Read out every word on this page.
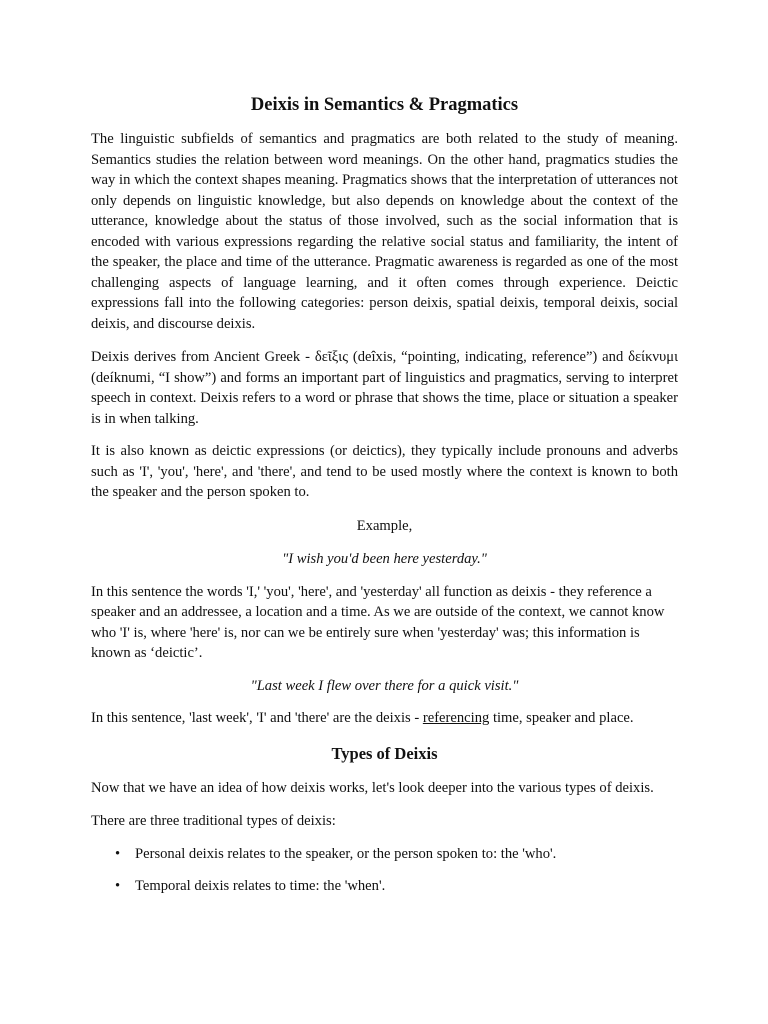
Deixis in Semantics & Pragmatics

The linguistic subfields of semantics and pragmatics are both related to the study of meaning. Semantics studies the relation between word meanings. On the other hand, pragmatics studies the way in which the context shapes meaning. Pragmatics shows that the interpretation of utterances not only depends on linguistic knowledge, but also depends on knowledge about the context of the utterance, knowledge about the status of those involved, such as the social information that is encoded with various expressions regarding the relative social status and familiarity, the intent of the speaker, the place and time of the utterance. Pragmatic awareness is regarded as one of the most challenging aspects of language learning, and it often comes through experience. Deictic expressions fall into the following categories: person deixis, spatial deixis, temporal deixis, social deixis, and discourse deixis.

Deixis derives from Ancient Greek - δεῖξις (deîxis, “pointing, indicating, reference”) and δείκνυμι (deíknumi, “I show”) and forms an important part of linguistics and pragmatics, serving to interpret speech in context. Deixis refers to a word or phrase that shows the time, place or situation a speaker is in when talking.

It is also known as deictic expressions (or deictics), they typically include pronouns and adverbs such as 'I', 'you', 'here', and 'there', and tend to be used mostly where the context is known to both the speaker and the person spoken to.

Example,

"I wish you'd been here yesterday."

In this sentence the words 'I,' 'you', 'here', and 'yesterday' all function as deixis - they reference a speaker and an addressee, a location and a time. As we are outside of the context, we cannot know who 'I' is, where 'here' is, nor can we be entirely sure when 'yesterday' was; this information is known as ‘deictic’.

"Last week I flew over there for a quick visit."

In this sentence, 'last week', 'I' and 'there' are the deixis - referencing time, speaker and place.

Types of Deixis

Now that we have an idea of how deixis works, let's look deeper into the various types of deixis.

There are three traditional types of deixis:

• Personal deixis relates to the speaker, or the person spoken to: the 'who'.
• Temporal deixis relates to time: the 'when'.
